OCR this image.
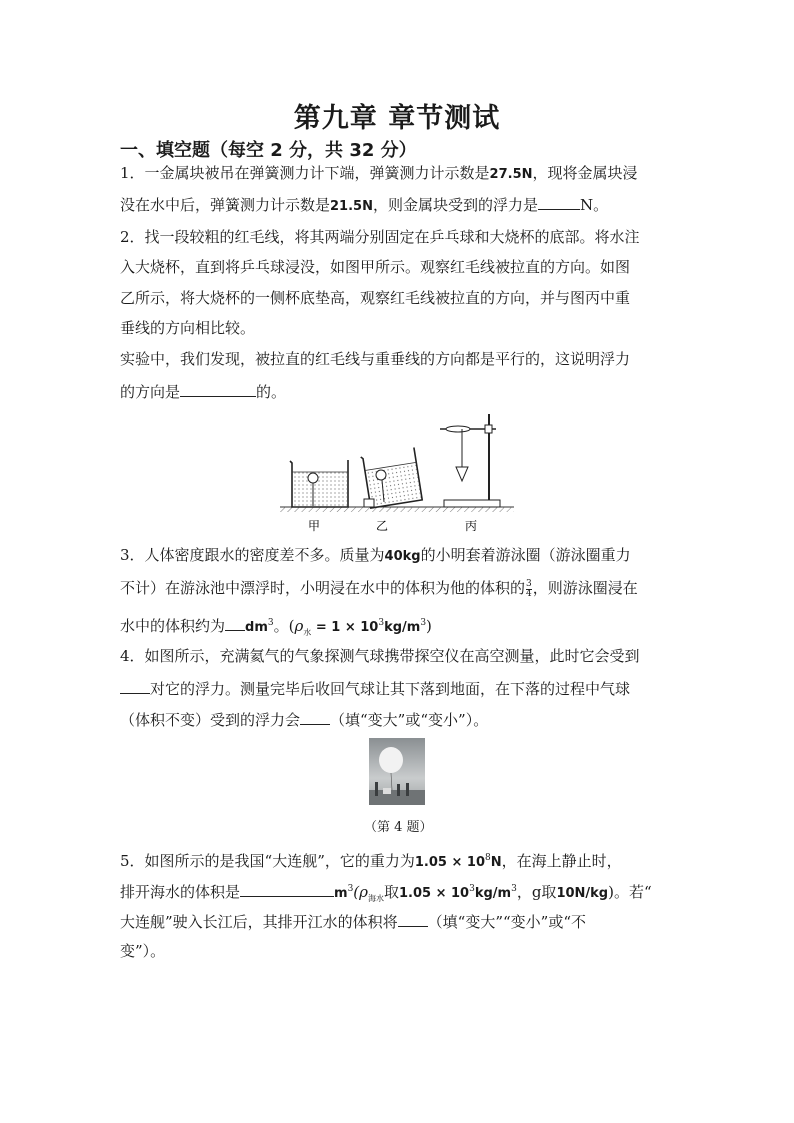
第九章 章节测试
一、填空题（每空 2 分，共 32 分）
1．一金属块被吊在弹簧测力计下端，弹簧测力计示数是27.5N，现将金属块浸
没在水中后，弹簧测力计示数是21.5N，则金属块受到的浮力是	N。
2．找一段较粗的红毛线，将其两端分别固定在乒乓球和大烧杯的底部。将水注
入大烧杯，直到将乒乓球浸没，如图甲所示。观察红毛线被拉直的方向。如图
乙所示，将大烧杯的一侧杯底垫高，观察红毛线被拉直的方向，并与图丙中重
垂线的方向相比较。
实验中，我们发现，被拉直的红毛线与重垂线的方向都是平行的，这说明浮力
的方向是	的。
甲	乙	丙
3．人体密度跟水的密度差不多。质量为40kg的小明套着游泳圈（游泳圈重力
不计）在游泳池中漂浮时，小明浸在水中的体积为他的体积的 $\frac{3}{4}$ ，则游泳圈浸在
水中的体积约为 $dm^3$。$(\rho_水 = 1 \times 10^3kg/m^3)$
4．如图所示，充满氦气的气象探测气球携带探空仪在高空测量，此时它会受到
对它的浮力。测量完毕后收回气球让其下落到地面，在下落的过程中气球
（体积不变）受到的浮力会 （填“变大”或“变小”）。
（第 4 题）
5．如图所示的是我国“大连舰”，它的重力为$1.05 \times 10^8N$，在海上静止时，
排开海水的体积是	$m^3(\rho_{海水}$取$1.05 \times 10^3kg/m^3$，g取10N/kg)。若“
大连舰”驶入长江后，其排开江水的体积将 （填“变大”“变小”或“不
变”）。
